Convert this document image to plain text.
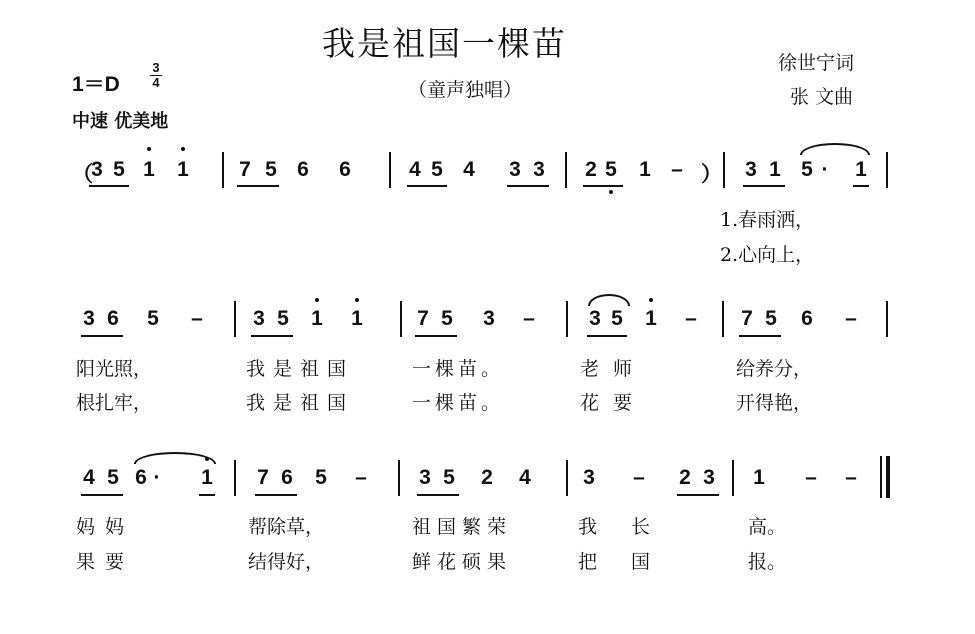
我是祖国一棵苗
（童声独唱）
徐世宁词
张 文曲
1＝D
3
4
中速 优美地
（
3 5 1 1 7 5 6 6	4 5 4 3 3 2 5 1 – ） 3 1 5 ·	1
1.春雨洒，
2.心向上，
3 6 5 – 3 5 1 1	7 5 3 –	3 5 1 – 7 5 6 –
阳光照，	我是祖国	一棵苗。	老 师	给养分，
根扎牢，	我是祖国	一棵苗。	花 要	开得艳，
4 5 6 ·	1 7 6 5 – 3 5 2 4 3 – 2 3 1 – –
妈 妈	帮除草，	祖国繁荣	我 长	高。
果 要	结得好，	鲜花硕果	把 国	报。
